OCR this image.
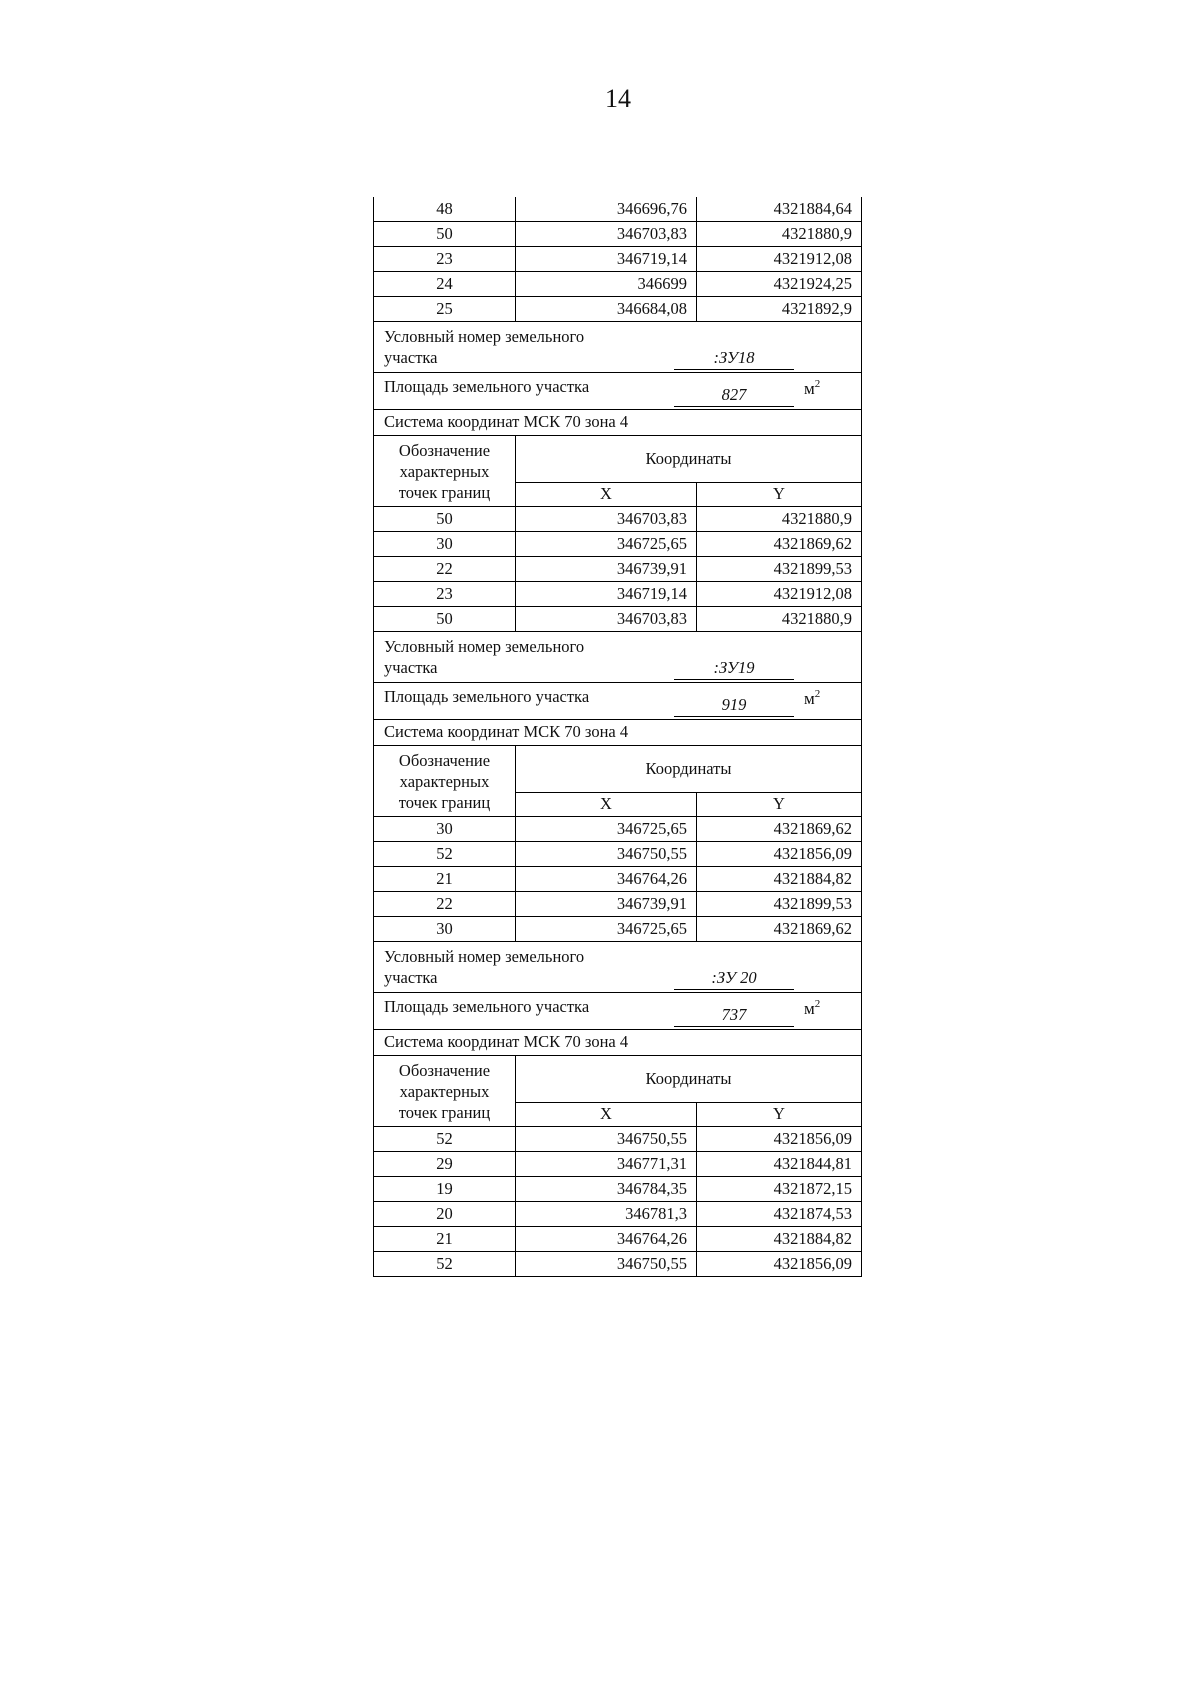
14
48	346696,76	4321884,64
50	346703,83	4321880,9
23	346719,14	4321912,08
24	346699	4321924,25
25	346684,08	4321892,9

Условный номер земельного участка :ЗУ18		

Площадь земельного участка 827 $м^2$

Система координат МСК 70 зона 4		
Обозначение характерных точек границ	Координаты	
	X	Y
50	346703,83	4321880,9
30	346725,65	4321869,62
22	346739,91	4321899,53
23	346719,14	4321912,08
50	346703,83	4321880,9

Условный номер земельного участка :ЗУ19		

Площадь земельного участка 919 $м^2$

Система координат МСК 70 зона 4		
Обозначение характерных точек границ	Координаты	
	X	Y
30	346725,65	4321869,62
52	346750,55	4321856,09
21	346764,26	4321884,82
22	346739,91	4321899,53
30	346725,65	4321869,62

Условный номер земельного участка :ЗУ 20		

Площадь земельного участка 737 $м^2$

Система координат МСК 70 зона 4		
Обозначение характерных точек границ	Координаты	
	X	Y
52	346750,55	4321856,09
29	346771,31	4321844,81
19	346784,35	4321872,15
20	346781,3	4321874,53
21	346764,26	4321884,82
52	346750,55	4321856,09
